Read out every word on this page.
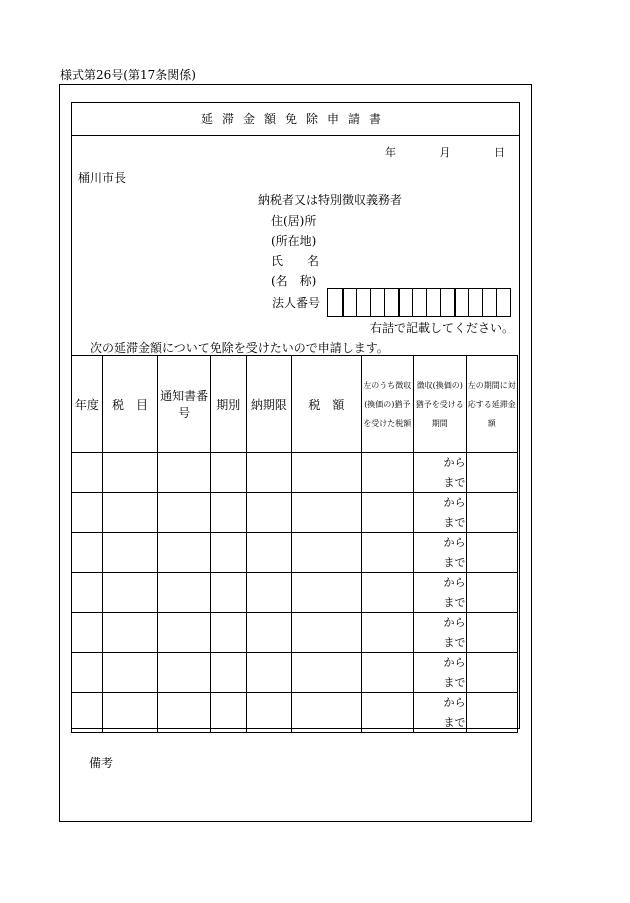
様式第26号(第17条関係)
延滞金額免除申請書
年	月	日
桶川市長
納税者又は特別徴収義務者
住(居)所
(所在地)
氏　　名
(名　称)
法人番号
右詰で記載してください。
次の延滞金額について免除を受けたいので申請します。
年度	税　目	通知書番　号	期別	納期限	税　額	左のうち徴収(換価の)猶予を受けた税額	徴収(換価の)猶予を受ける期間	左の期間に対応する延滞金額

							から
まで	

							から
まで	

							から
まで	

							から
まで	

							から
まで	

							から
まで	

							から
まで	

備考
